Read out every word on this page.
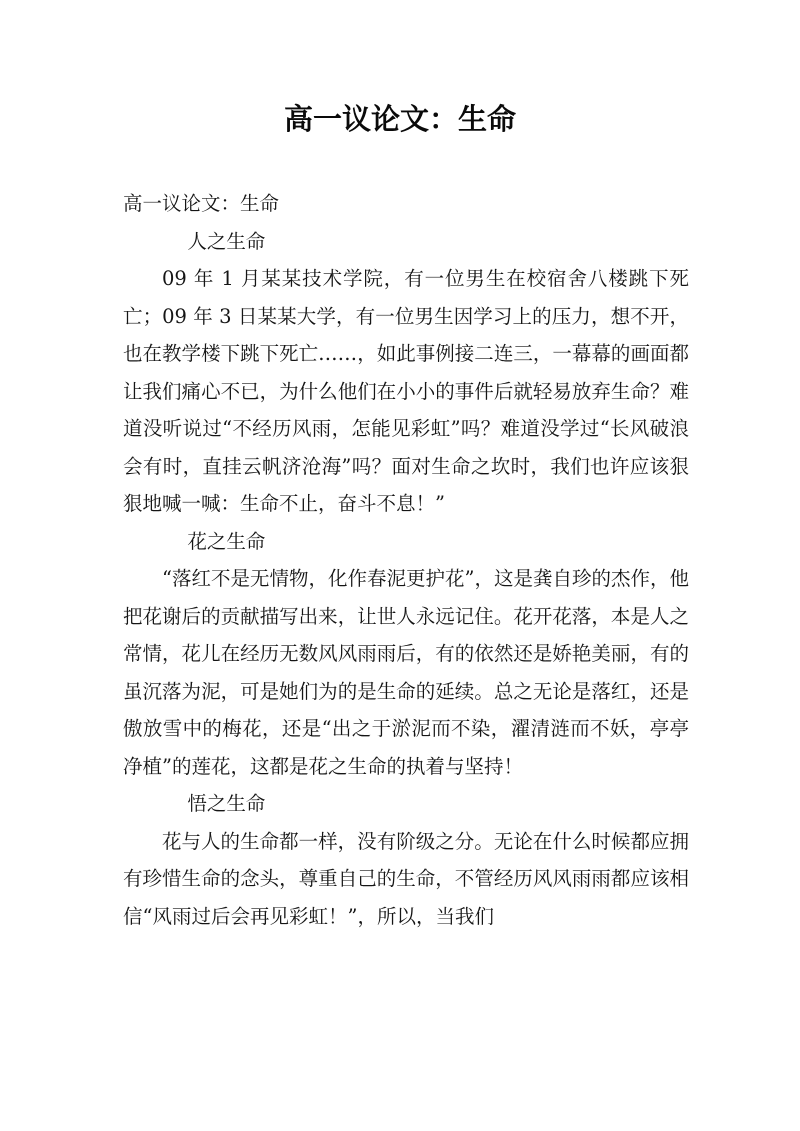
高一议论文：生命

高一议论文：生命

人之生命

09 年 1 月某某技术学院，有一位男生在校宿舍八楼跳下死亡；09 年 3 日某某大学，有一位男生因学习上的压力，想不开，也在教学楼下跳下死亡……，如此事例接二连三，一幕幕的画面都让我们痛心不已，为什么他们在小小的事件后就轻易放弃生命？难道没听说过“不经历风雨，怎能见彩虹”吗？难道没学过“长风破浪会有时，直挂云帆济沧海”吗？面对生命之坎时，我们也许应该狠狠地喊一喊：生命不止，奋斗不息！”

花之生命

“落红不是无情物，化作春泥更护花”，这是龚自珍的杰作，他把花谢后的贡献描写出来，让世人永远记住。花开花落，本是人之常情，花儿在经历无数风风雨雨后，有的依然还是娇艳美丽，有的虽沉落为泥，可是她们为的是生命的延续。总之无论是落红，还是傲放雪中的梅花，还是“出之于淤泥而不染，濯清涟而不妖，亭亭净植”的莲花，这都是花之生命的执着与坚持！

悟之生命

花与人的生命都一样，没有阶级之分。无论在什么时候都应拥有珍惜生命的念头，尊重自己的生命，不管经历风风雨雨都应该相信“风雨过后会再见彩虹！”，所以，当我们
